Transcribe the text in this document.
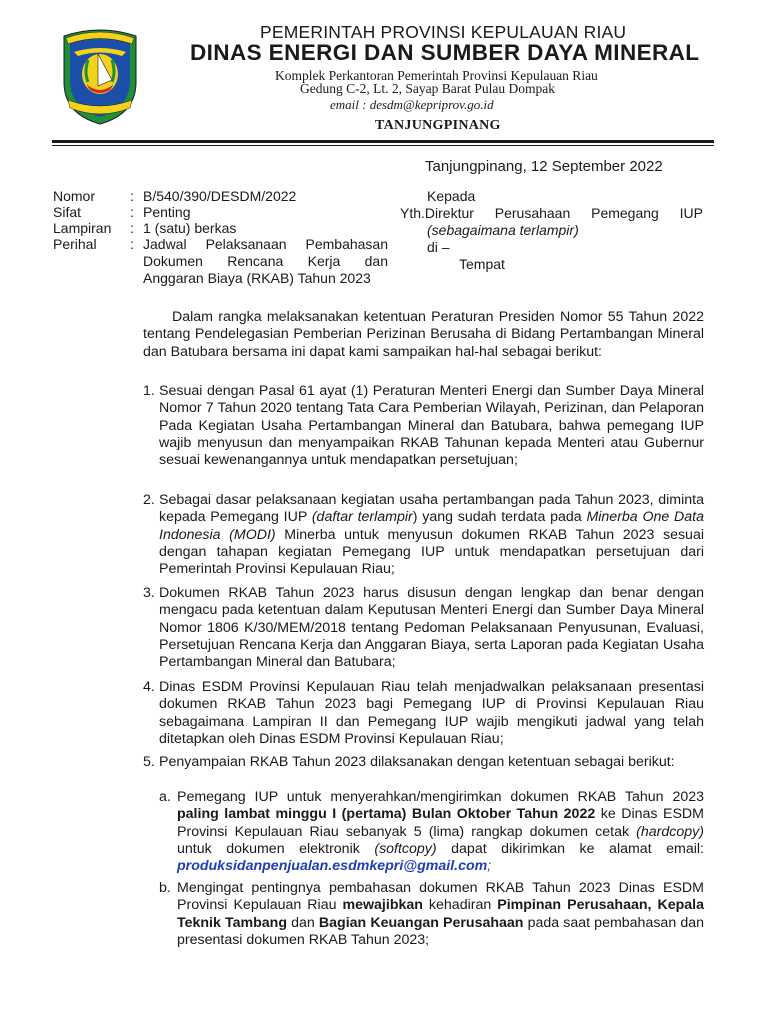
PEMERINTAH PROVINSI KEPULAUAN RIAU
DINAS ENERGI DAN SUMBER DAYA MINERAL
Komplek Perkantoran Pemerintah Provinsi Kepulauan Riau
Gedung C-2, Lt. 2, Sayap Barat Pulau Dompak
email : desdm@kepriprov.go.id
TANJUNGPINANG
Tanjungpinang, 12 September 2022
Nomor : B/540/390/DESDM/2022
Sifat	: Penting
Lampiran : 1 (satu) berkas
Perihal : Jadwal Pelaksanaan Pembahasan Dokumen Rencana Kerja dan Anggaran Biaya (RKAB) Tahun 2023
Kepada
Yth. Direktur Perusahaan Pemegang IUP
(sebagaimana terlampir)
di –
Tempat
Dalam rangka melaksanakan ketentuan Peraturan Presiden Nomor 55 Tahun 2022 tentang Pendelegasian Pemberian Perizinan Berusaha di Bidang Pertambangan Mineral dan Batubara bersama ini dapat kami sampaikan hal-hal sebagai berikut:
1. Sesuai dengan Pasal 61 ayat (1) Peraturan Menteri Energi dan Sumber Daya Mineral Nomor 7 Tahun 2020 tentang Tata Cara Pemberian Wilayah, Perizinan, dan Pelaporan Pada Kegiatan Usaha Pertambangan Mineral dan Batubara, bahwa pemegang IUP wajib menyusun dan menyampaikan RKAB Tahunan kepada Menteri atau Gubernur sesuai kewenangannya untuk mendapatkan persetujuan;
2. Sebagai dasar pelaksanaan kegiatan usaha pertambangan pada Tahun 2023, diminta kepada Pemegang IUP (daftar terlampir) yang sudah terdata pada Minerba One Data Indonesia (MODI) Minerba untuk menyusun dokumen RKAB Tahun 2023 sesuai dengan tahapan kegiatan Pemegang IUP untuk mendapatkan persetujuan dari Pemerintah Provinsi Kepulauan Riau;
3. Dokumen RKAB Tahun 2023 harus disusun dengan lengkap dan benar dengan mengacu pada ketentuan dalam Keputusan Menteri Energi dan Sumber Daya Mineral Nomor 1806 K/30/MEM/2018 tentang Pedoman Pelaksanaan Penyusunan, Evaluasi, Persetujuan Rencana Kerja dan Anggaran Biaya, serta Laporan pada Kegiatan Usaha Pertambangan Mineral dan Batubara;
4. Dinas ESDM Provinsi Kepulauan Riau telah menjadwalkan pelaksanaan presentasi dokumen RKAB Tahun 2023 bagi Pemegang IUP di Provinsi Kepulauan Riau sebagaimana Lampiran II dan Pemegang IUP wajib mengikuti jadwal yang telah ditetapkan oleh Dinas ESDM Provinsi Kepulauan Riau;
5. Penyampaian RKAB Tahun 2023 dilaksanakan dengan ketentuan sebagai berikut:
a. Pemegang IUP untuk menyerahkan/mengirimkan dokumen RKAB Tahun 2023 paling lambat minggu I (pertama) Bulan Oktober Tahun 2022 ke Dinas ESDM Provinsi Kepulauan Riau sebanyak 5 (lima) rangkap dokumen cetak (hardcopy) untuk dokumen elektronik (softcopy) dapat dikirimkan ke alamat email: produksidanpenjualan.esdmkepri@gmail.com;
b. Mengingat pentingnya pembahasan dokumen RKAB Tahun 2023 Dinas ESDM Provinsi Kepulauan Riau mewajibkan kehadiran Pimpinan Perusahaan, Kepala Teknik Tambang dan Bagian Keuangan Perusahaan pada saat pembahasan dan presentasi dokumen RKAB Tahun 2023;
